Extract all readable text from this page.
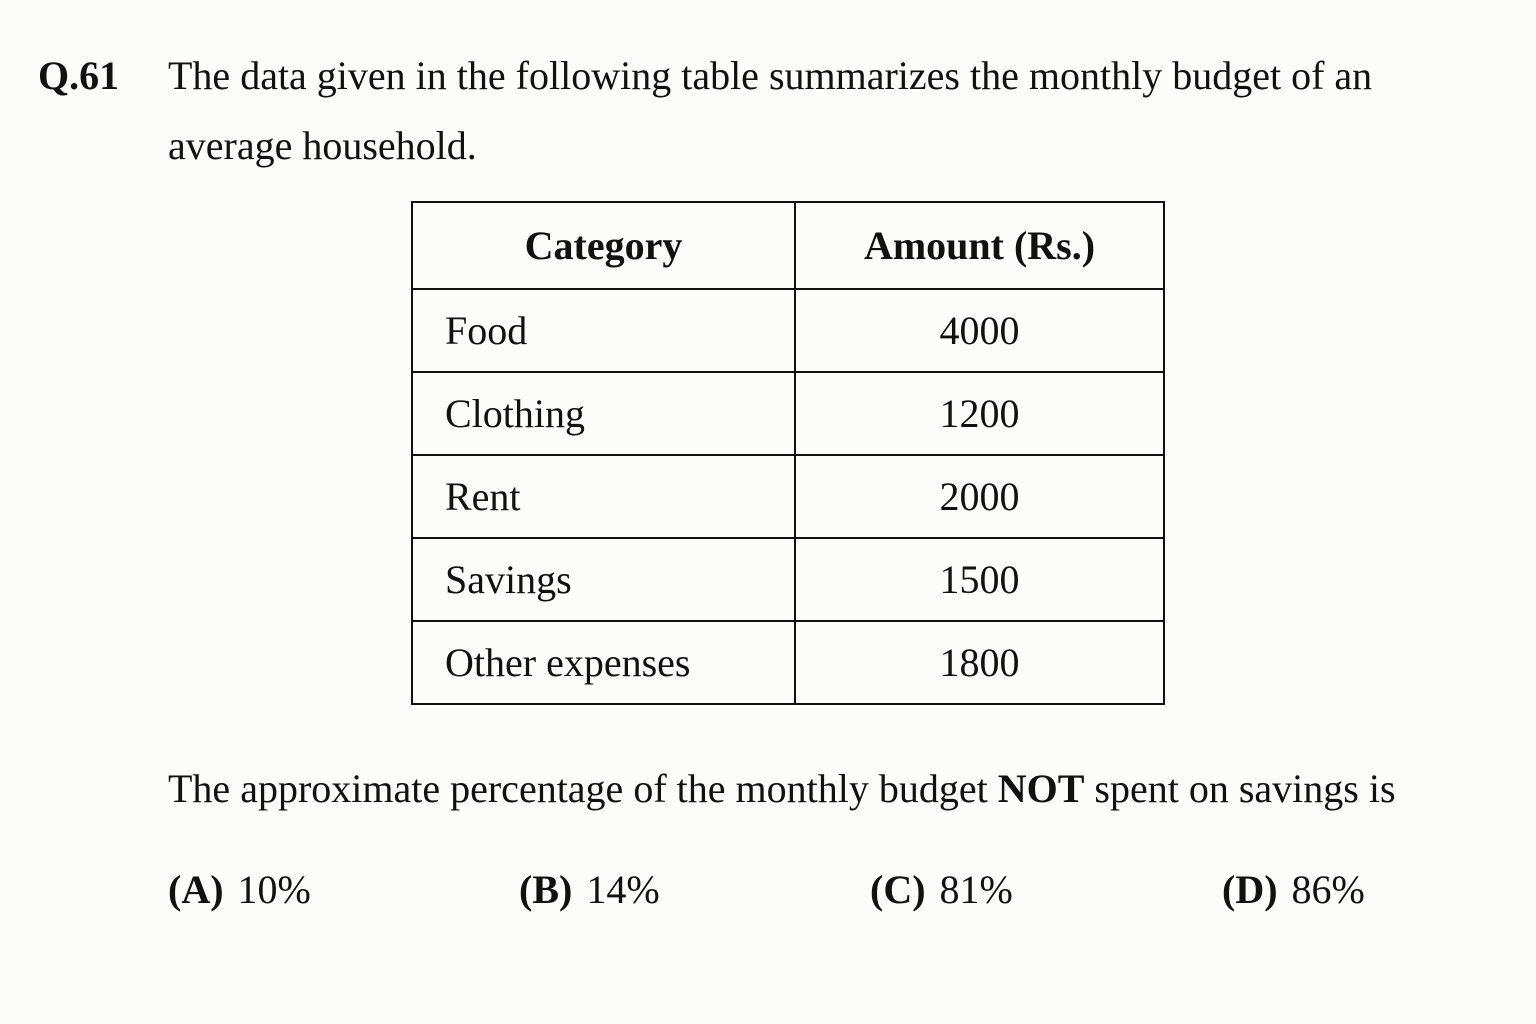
Q.61 The data given in the following table summarizes the monthly budget of an
average household.
Category	Amount (Rs.)
Food	4000
Clothing	1200
Rent	2000
Savings	1500
Other expenses	1800
The approximate percentage of the monthly budget NOT spent on savings is
(A) 10%	(B) 14%	(C) 81%	(D) 86%
